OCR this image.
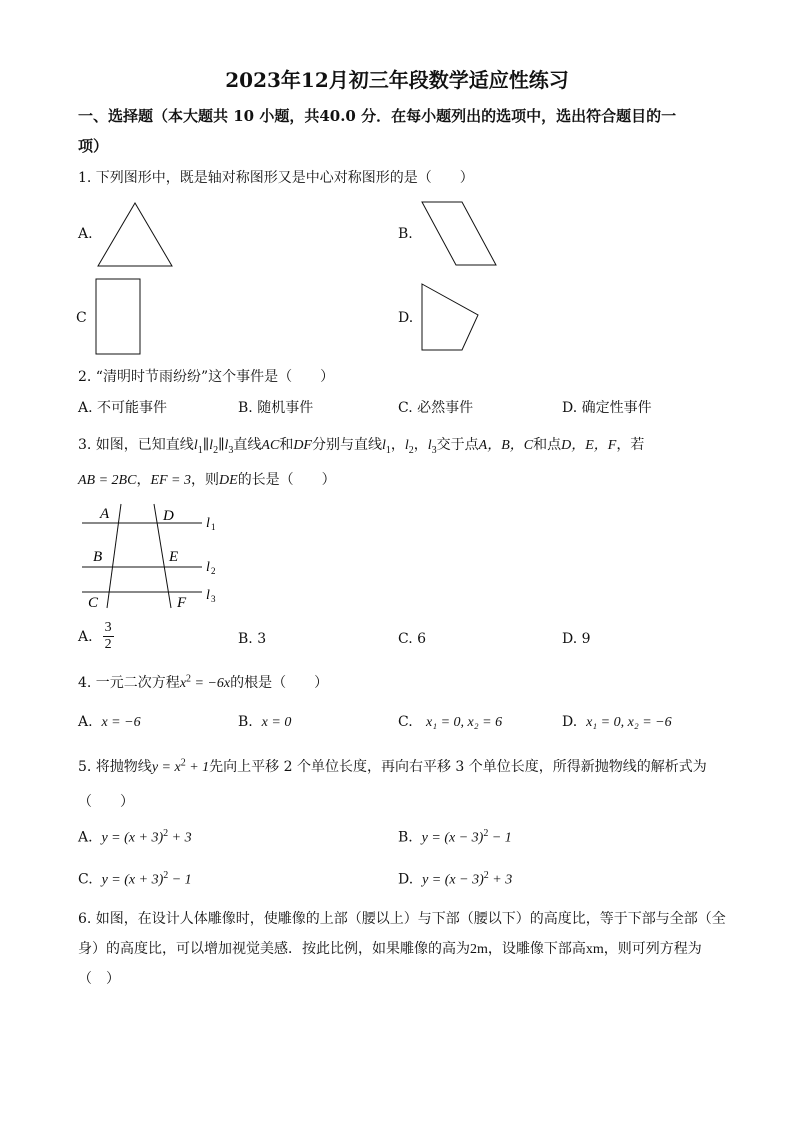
2023年12月初三年段数学适应性练习
一、选择题（本大题共 10 小题，共40.0 分．在每小题列出的选项中，选出符合题目的一
项）
1. 下列图形中，既是轴对称图形又是中心对称图形的是（　　）
A.	B.
C	D.
2. “清明时节雨纷纷”这个事件是（　　）
A. 不可能事件	B. 随机事件	C. 必然事件	D. 确定性事件
3. 如图，已知直线$l_1\parallel l_2\parallel l_3$直线AC和DF分别与直线$l_1$，$l_2$，$l_3$交于点A，B，C和点D，E，F，若
AB = 2BC，EF = 3，则DE的长是（　　）
A	D
B	E
C	F
l 1
l 2
l 3
A. $\frac{3}{2}$	B. 3	C. 6	D. 9
4. 一元二次方程$x^2 = -6x$的根是（　　）
A. x = −6	B. x = 0	C. x₁ = 0, x₂ = 6	D. x₁ = 0, x₂ = −6
5. 将抛物线$y = x^2 + 1$先向上平移 2 个单位长度，再向右平移 3 个单位长度，所得新抛物线的解析式为
（　　）
A. $y = (x + 3)^2 + 3$	B. $y = (x - 3)^2 - 1$
C. $y = (x + 3)^2 - 1$	D. $y = (x - 3)^2 + 3$
6. 如图，在设计人体雕像时，使雕像的上部（腰以上）与下部（腰以下）的高度比，等于下部与全部（全
身）的高度比，可以增加视觉美感．按此比例，如果雕像的高为2m，设雕像下部高xm，则可列方程为
（　）
